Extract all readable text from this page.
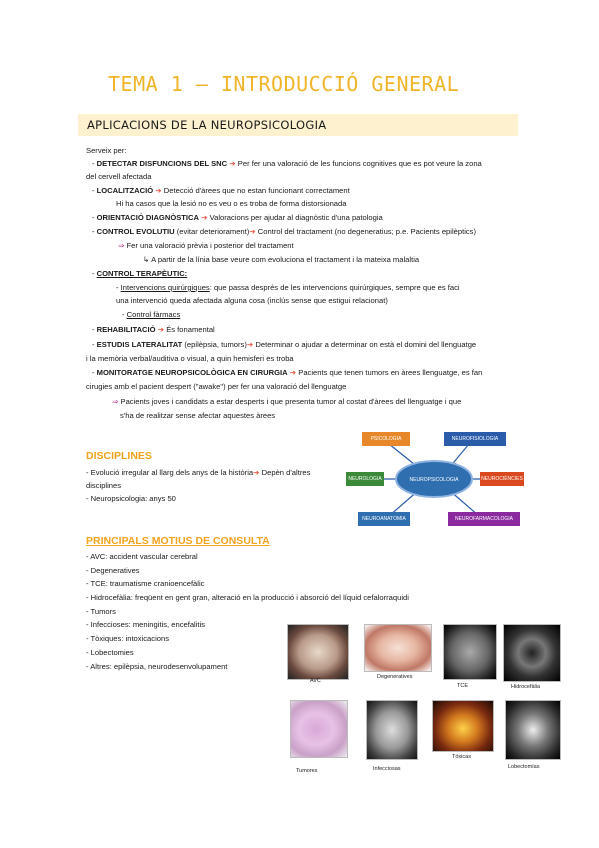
TEMA 1 – INTRODUCCIÓ GENERAL
APLICACIONS DE LA NEUROPSICOLOGIA
Serveix per:
- DETECTAR DISFUNCIONS DEL SNC ➔ Per fer una valoració de les funcions cognitives que es pot veure la zona
del cervell afectada
- LOCALITZACIÓ ➔ Detecció d'àrees que no estan funcionant correctament
Hi ha casos que la lesió no es veu o es troba de forma distorsionada
- ORIENTACIÓ DIAGNÒSTICA ➔ Valoracions per ajudar al diagnòstic d'una patologia
- CONTROL EVOLUTIU (evitar deteriorament)➔ Control del tractament (no degeneratius; p.e. Pacients epilèptics)
⇒ Fer una valoració prèvia i posterior del tractament
↳ A partir de la línia base veure com evoluciona el tractament i la mateixa malaltia
- CONTROL TERAPÈUTIC:
- Intervencions quirúrgiques: que passa després de les intervencions quirúrgiques, sempre que es faci
una intervenció queda afectada alguna cosa (inclús sense que estigui relacionat)
- Control fàrmacs
- REHABILITACIÓ ➔ És fonamental
- ESTUDIS LATERALITAT (epilèpsia, tumors)➔ Determinar o ajudar a determinar on està el domini del llenguatge
i la memòria verbal/auditiva o visual, a quin hemisferi es troba
- MONITORATGE NEUROPSICOLÒGICA EN CIRURGIA ➔ Pacients que tenen tumors en àrees llenguatge, es fan
cirugies amb el pacient despert ("awake") per fer una valoració del llenguatge
⇒ Pacients joves i candidats a estar desperts i que presenta tumor al costat d'àrees del llenguatge i que
s'ha de realitzar sense afectar aquestes àrees
DISCIPLINES
- Evolució irregular al llarg dels anys de la història➔ Depèn d'altres
disciplines
- Neuropsicologia: anys 50
NEUROPSICOLOGIA
PSICOLOGIA	NEUROFISIOLOGIA
NEUROLOGIA	NEUROCIÈNCIES
NEUROANATOMIA	NEUROFARMACOLOGIA
PRINCIPALS MOTIUS DE CONSULTA
- AVC: accident vascular cerebral
- Degeneratives
- TCE: traumatisme cranioencefàlic
- Hidrocefàlia: freqüent en gent gran, alteració en la producció i absorció del líquid cefalorraquidi
- Tumors
- Infeccioses: meningitis, encefalitis
- Tòxiques: intoxicacions
- Lobectomies
- Altres: epilèpsia, neurodesenvolupament
AVC
Degeneratives
TCE	Hidrocefàlia
Tumores	Infecciosas
Tóxicas
Lobectomías
